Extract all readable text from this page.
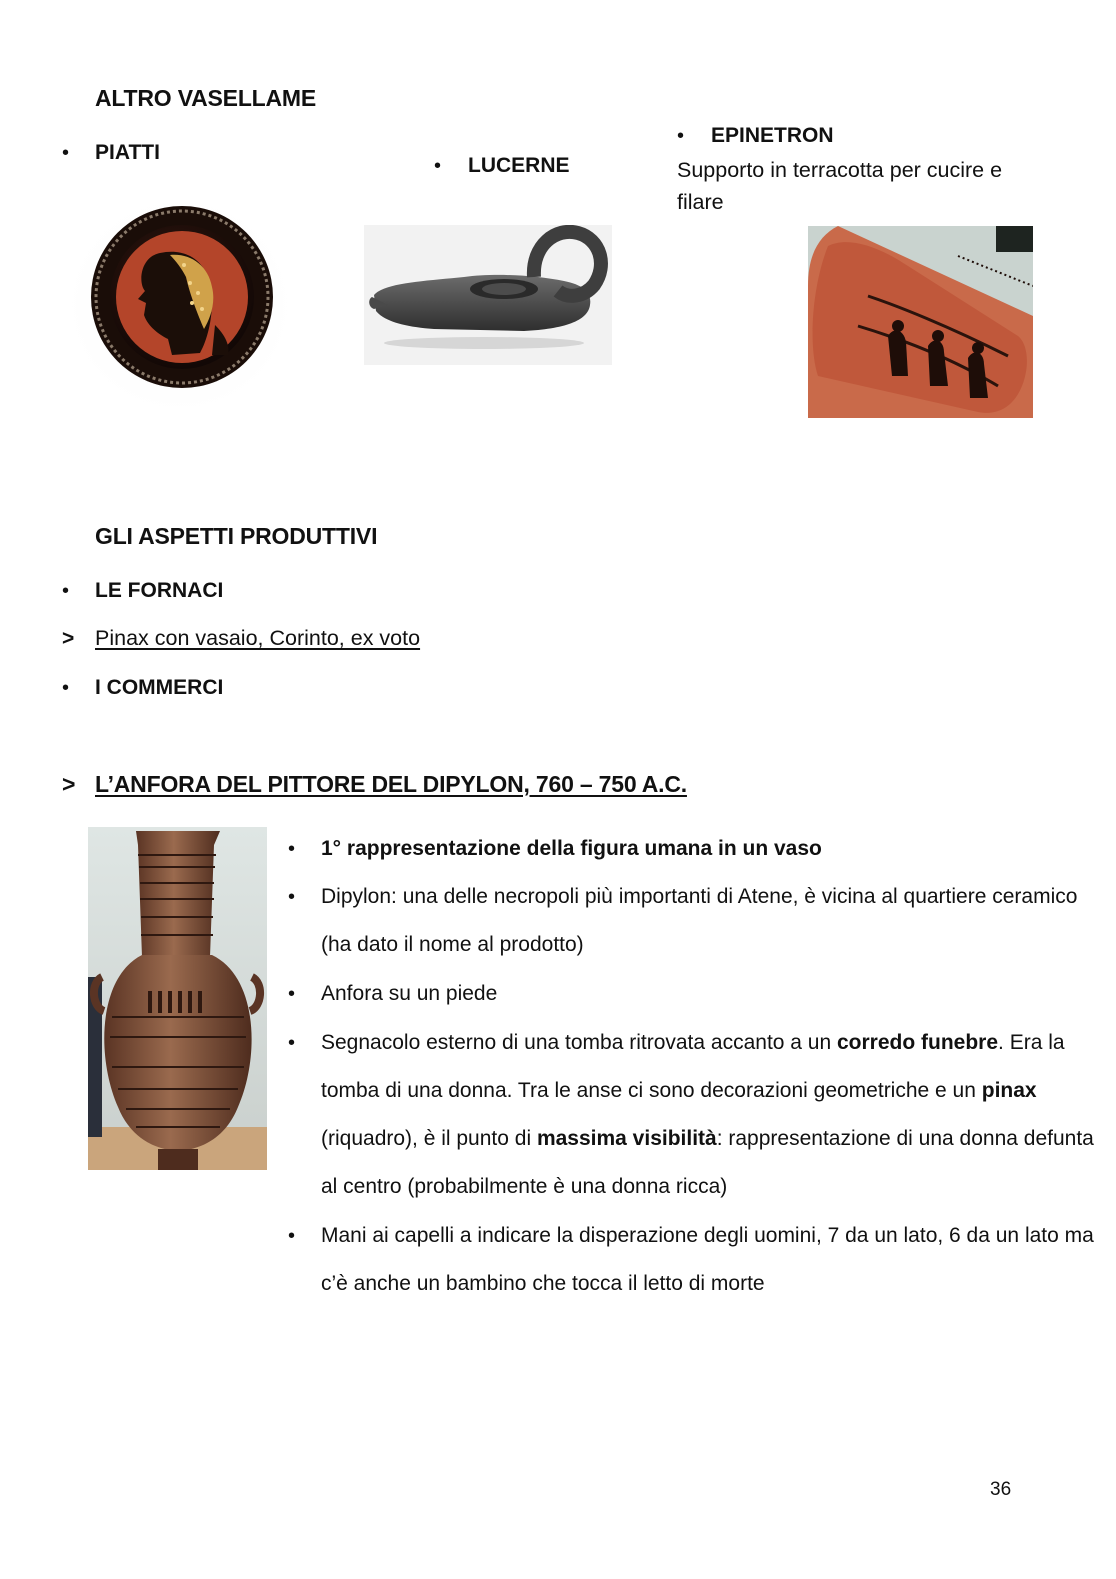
ALTRO VASELLAME
• PIATTI
• LUCERNE
• EPINETRON
Supporto in terracotta per cucire e
filare
GLI ASPETTI PRODUTTIVI
• LE FORNACI
> Pinax con vasaio, Corinto, ex voto
• I COMMERCI
> L’ANFORA DEL PITTORE DEL DIPYLON, 760 – 750 A.C.
• 1° rappresentazione della figura umana in un vaso
• Dipylon: una delle necropoli più importanti di Atene, è vicina al quartiere ceramico (ha dato il nome al prodotto)
• Anfora su un piede
• Segnacolo esterno di una tomba ritrovata accanto a un corredo funebre. Era la tomba di una donna. Tra le anse ci sono decorazioni geometriche e un pinax (riquadro), è il punto di massima visibilità: rappresentazione di una donna defunta al centro (probabilmente è una donna ricca)
• Mani ai capelli a indicare la disperazione degli uomini, 7 da un lato, 6 da un lato ma c’è anche un bambino che tocca il letto di morte
36
